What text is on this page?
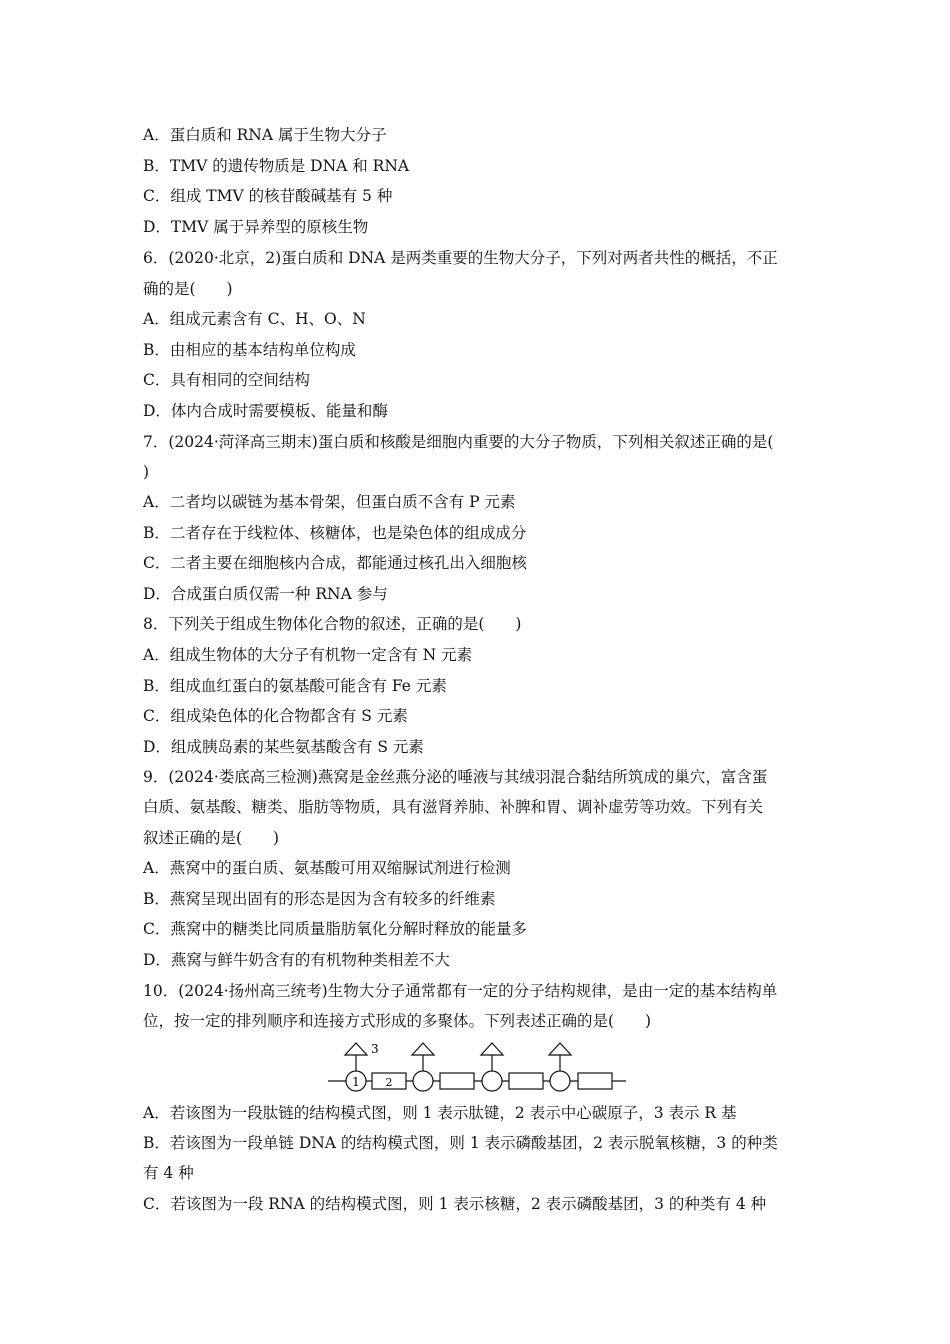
A．蛋白质和 RNA 属于生物大分子
B．TMV 的遗传物质是 DNA 和 RNA
C．组成 TMV 的核苷酸碱基有 5 种
D．TMV 属于异养型的原核生物
6．(2020·北京，2)蛋白质和 DNA 是两类重要的生物大分子，下列对两者共性的概括，不正
确的是(　　)
A．组成元素含有 C、H、O、N
B．由相应的基本结构单位构成
C．具有相同的空间结构
D．体内合成时需要模板、能量和酶
7．(2024·菏泽高三期末)蛋白质和核酸是细胞内重要的大分子物质，下列相关叙述正确的是(
)
A．二者均以碳链为基本骨架，但蛋白质不含有 P 元素
B．二者存在于线粒体、核糖体，也是染色体的组成成分
C．二者主要在细胞核内合成，都能通过核孔出入细胞核
D．合成蛋白质仅需一种 RNA 参与
8．下列关于组成生物体化合物的叙述，正确的是(　　)
A．组成生物体的大分子有机物一定含有 N 元素
B．组成血红蛋白的氨基酸可能含有 Fe 元素
C．组成染色体的化合物都含有 S 元素
D．组成胰岛素的某些氨基酸含有 S 元素
9．(2024·娄底高三检测)燕窝是金丝燕分泌的唾液与其绒羽混合黏结所筑成的巢穴，富含蛋
白质、氨基酸、糖类、脂肪等物质，具有滋肾养肺、补脾和胃、调补虚劳等功效。下列有关
叙述正确的是(　　)
A．燕窝中的蛋白质、氨基酸可用双缩脲试剂进行检测
B．燕窝呈现出固有的形态是因为含有较多的纤维素
C．燕窝中的糖类比同质量脂肪氧化分解时释放的能量多
D．燕窝与鲜牛奶含有的有机物种类相差不大
10．(2024·扬州高三统考)生物大分子通常都有一定的分子结构规律，是由一定的基本结构单
位，按一定的排列顺序和连接方式形成的多聚体。下列表述正确的是(　　)
1
3
2
A．若该图为一段肽链的结构模式图，则 1 表示肽键，2 表示中心碳原子，3 表示 R 基
B．若该图为一段单链 DNA 的结构模式图，则 1 表示磷酸基团，2 表示脱氧核糖，3 的种类
有 4 种
C．若该图为一段 RNA 的结构模式图，则 1 表示核糖，2 表示磷酸基团，3 的种类有 4 种
